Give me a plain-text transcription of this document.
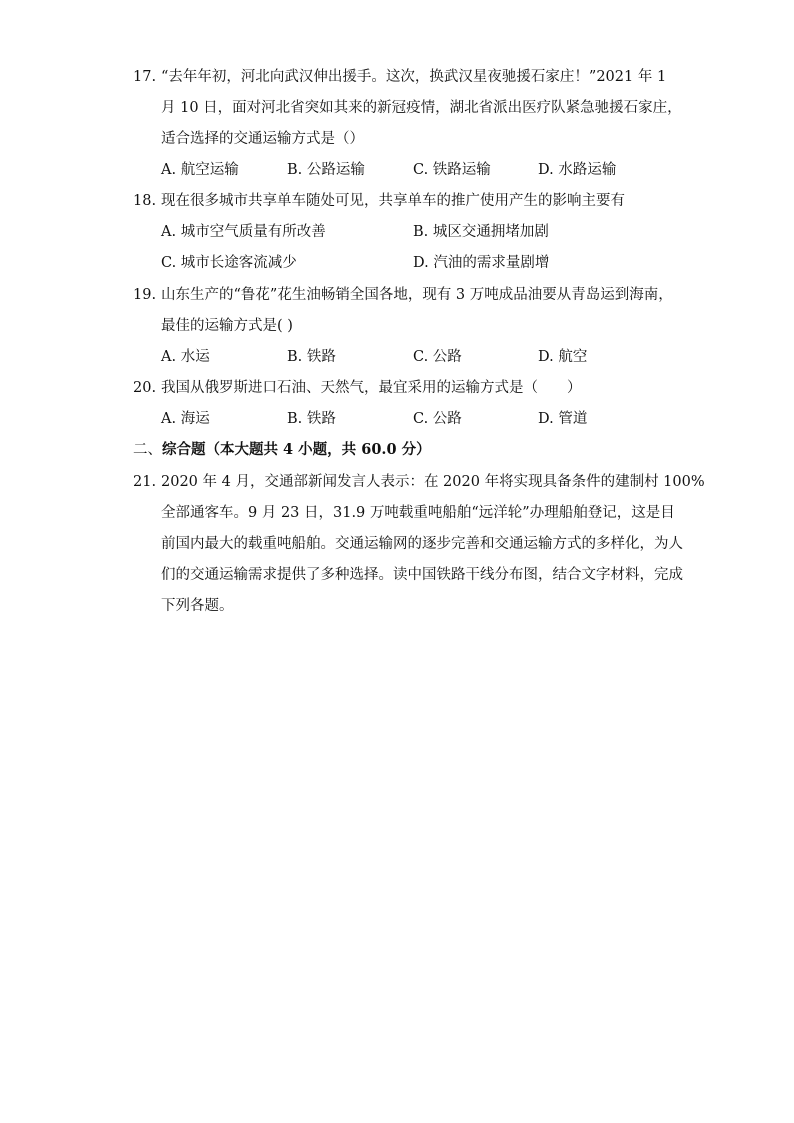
17. “去年年初，河北向武汉伸出援手。这次，换武汉星夜驰援石家庄！”2021 年 1
月 10 日，面对河北省突如其来的新冠疫情，湖北省派出医疗队紧急驰援石家庄，
适合选择的交通运输方式是（）
A. 航空运输	B. 公路运输	C. 铁路运输	D. 水路运输
18. 现在很多城市共享单车随处可见，共享单车的推广使用产生的影响主要有
A. 城市空气质量有所改善	B. 城区交通拥堵加剧
C. 城市长途客流减少	D. 汽油的需求量剧增
19. 山东生产的“鲁花”花生油畅销全国各地，现有 3 万吨成品油要从青岛运到海南，
最佳的运输方式是( )
A. 水运	B. 铁路	C. 公路	D. 航空
20. 我国从俄罗斯进口石油、天然气，最宜采用的运输方式是（　　）
A. 海运	B. 铁路	C. 公路	D. 管道
二、综合题（本大题共 4 小题，共 60.0 分）
21. 2020 年 4 月，交通部新闻发言人表示：在 2020 年将实现具备条件的建制村 100%
全部通客车。9 月 23 日，31.9 万吨载重吨船舶“远洋轮”办理船舶登记，这是目
前国内最大的载重吨船舶。交通运输网的逐步完善和交通运输方式的多样化，为人
们的交通运输需求提供了多种选择。读中国铁路干线分布图，结合文字材料，完成
下列各题。
